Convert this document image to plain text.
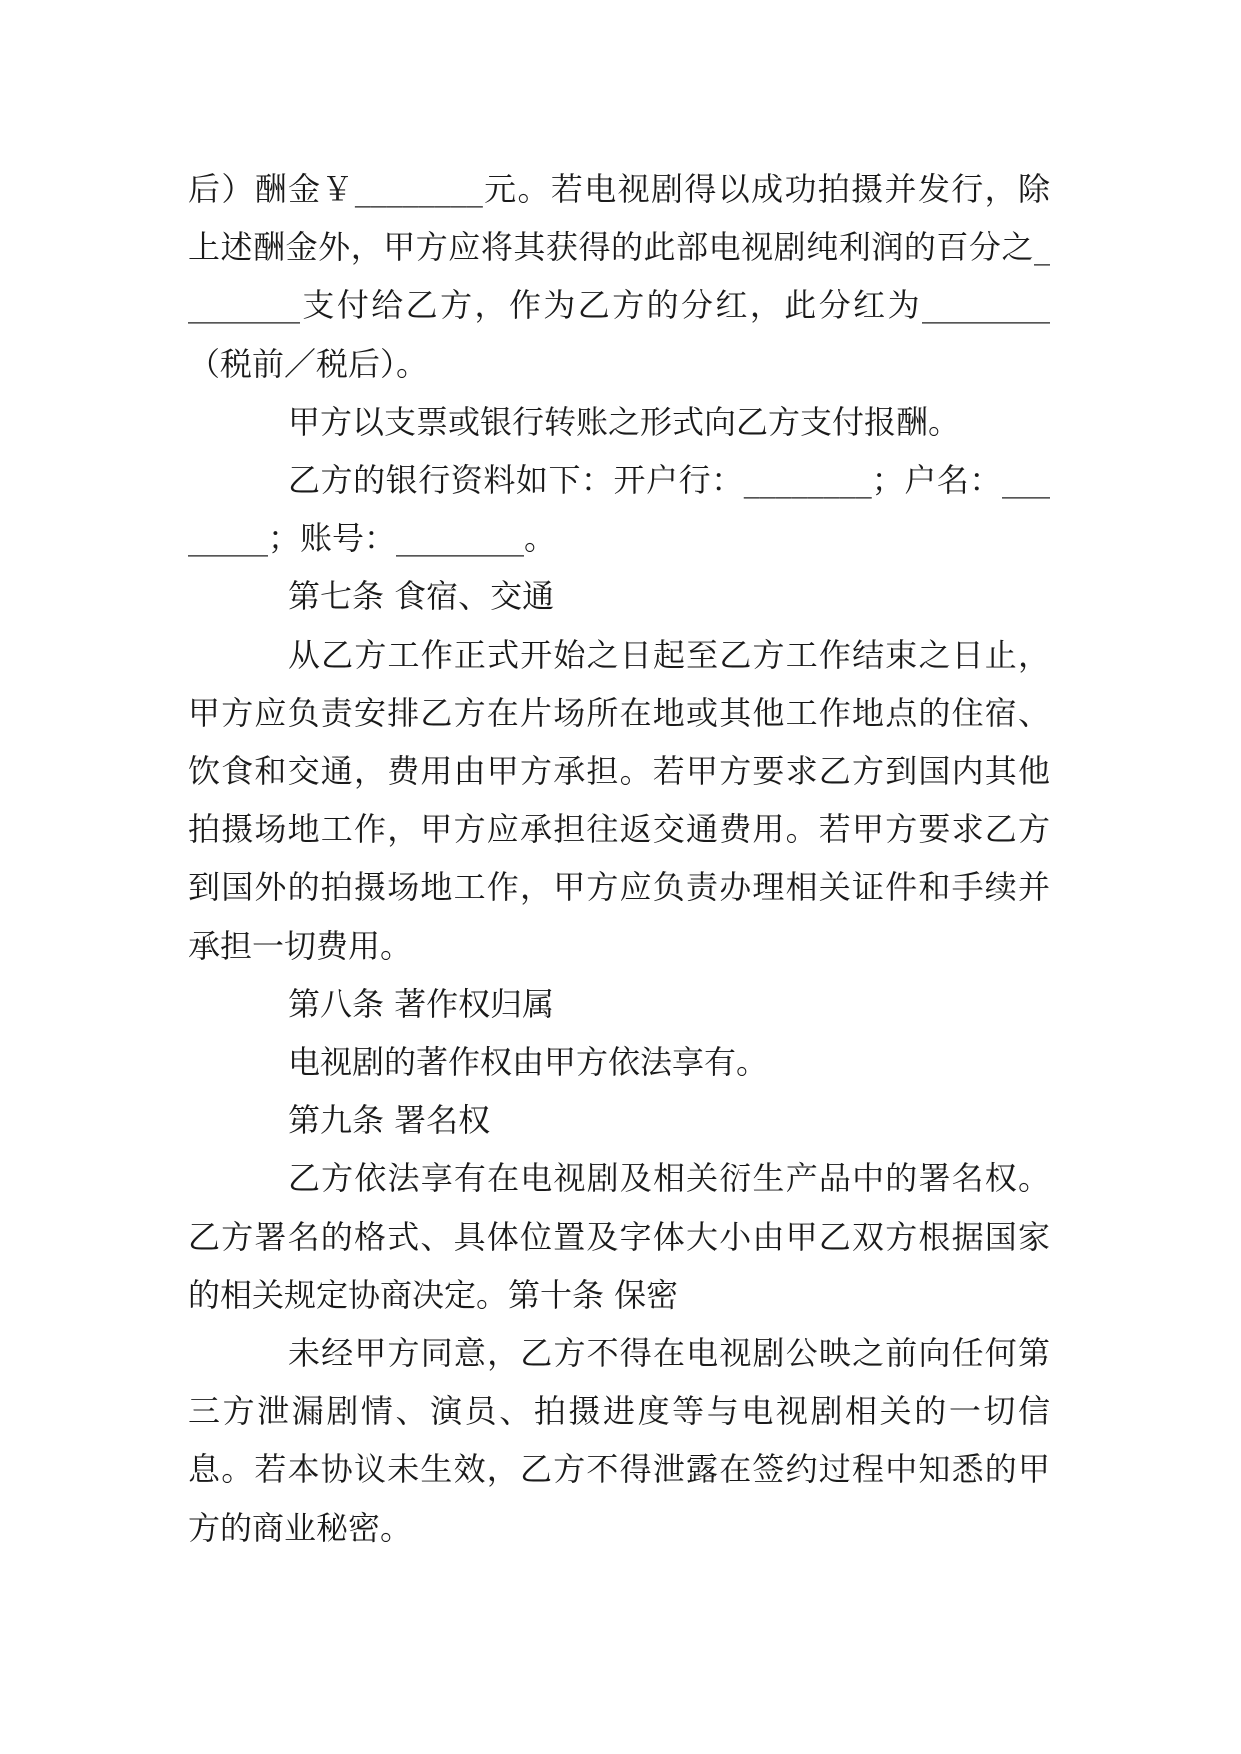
后）酬金￥________元。若电视剧得以成功拍摄并发行，除上述酬金外，甲方应将其获得的此部电视剧纯利润的百分之________支付给乙方，作为乙方的分红，此分红为________（税前／税后）。

甲方以支票或银行转账之形式向乙方支付报酬。

乙方的银行资料如下：开户行：________；户名：________；账号：________。

第七条 食宿、交通

从乙方工作正式开始之日起至乙方工作结束之日止，甲方应负责安排乙方在片场所在地或其他工作地点的住宿、饮食和交通，费用由甲方承担。若甲方要求乙方到国内其他拍摄场地工作，甲方应承担往返交通费用。若甲方要求乙方到国外的拍摄场地工作，甲方应负责办理相关证件和手续并承担一切费用。

第八条 著作权归属

电视剧的著作权由甲方依法享有。

第九条 署名权

乙方依法享有在电视剧及相关衍生产品中的署名权。乙方署名的格式、具体位置及字体大小由甲乙双方根据国家的相关规定协商决定。第十条 保密

未经甲方同意，乙方不得在电视剧公映之前向任何第三方泄漏剧情、演员、拍摄进度等与电视剧相关的一切信息。若本协议未生效，乙方不得泄露在签约过程中知悉的甲方的商业秘密。
